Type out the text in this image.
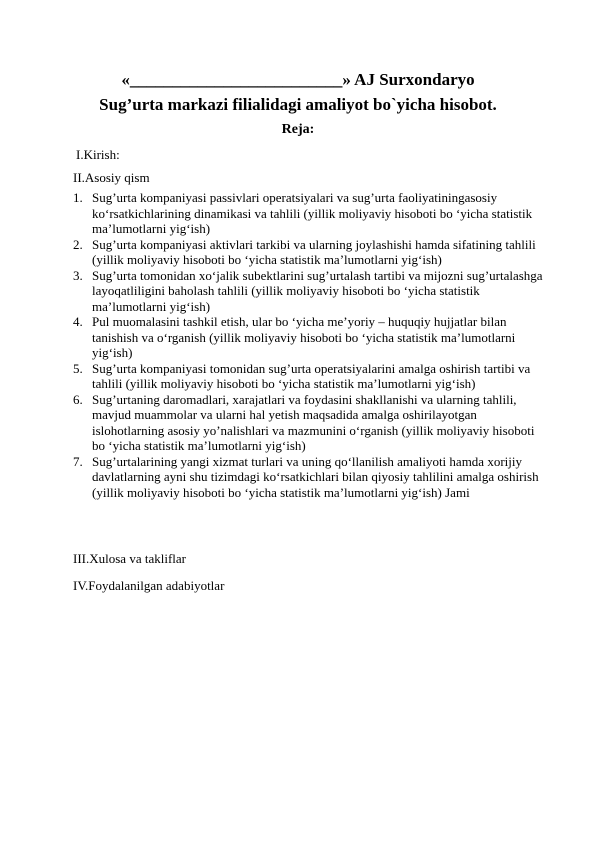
«_________________________» AJ Surxondaryo
Sug’urta markazi filialidagi amaliyot bo`yicha hisobot.
Reja:
I.Kirish:
II.Asosiy qism
1. Sug’urta kompaniyasi passivlari operatsiyalari va sug’urta faoliyatiningasosiy ko‘rsatkichlarining dinamikasi va tahlili (yillik moliyaviy hisoboti bo ‘yicha statistik ma’lumotlarni yig‘ish)
2. Sug’urta kompaniyasi aktivlari tarkibi va ularning joylashishi hamda sifatining tahlili (yillik moliyaviy hisoboti bo ‘yicha statistik ma’lumotlarni yig‘ish)
3. Sug’urta tomonidan xo‘jalik subektlarini sug’urtalash tartibi va mijozni sug’urtalashga layoqatliligini baholash tahlili (yillik moliyaviy hisoboti bo ‘yicha statistik ma’lumotlarni yig‘ish)
4. Pul muomalasini tashkil etish, ular bo ‘yicha me’yoriy – huquqiy hujjatlar bilan tanishish va o‘rganish (yillik moliyaviy hisoboti bo ‘yicha statistik ma’lumotlarni yig‘ish)
5. Sug’urta kompaniyasi tomonidan sug’urta operatsiyalarini amalga oshirish tartibi va tahlili (yillik moliyaviy hisoboti bo ‘yicha statistik ma’lumotlarni yig‘ish)
6. Sug’urtaning daromadlari, xarajatlari va foydasini shakllanishi va ularning tahlili, mavjud muammolar va ularni hal yetish maqsadida amalga oshirilayotgan islohotlarning asosiy yo’nalishlari va mazmunini o‘rganish (yillik moliyaviy hisoboti bo ‘yicha statistik ma’lumotlarni yig‘ish)
7. Sug’urtalarining yangi xizmat turlari va uning qo‘llanilish amaliyoti hamda xorijiy davlatlarning ayni shu tizimdagi ko‘rsatkichlari bilan qiyosiy tahlilini amalga oshirish (yillik moliyaviy hisoboti bo ‘yicha statistik ma’lumotlarni yig‘ish) Jami
III.Xulosa va takliflar
IV.Foydalanilgan adabiyotlar
